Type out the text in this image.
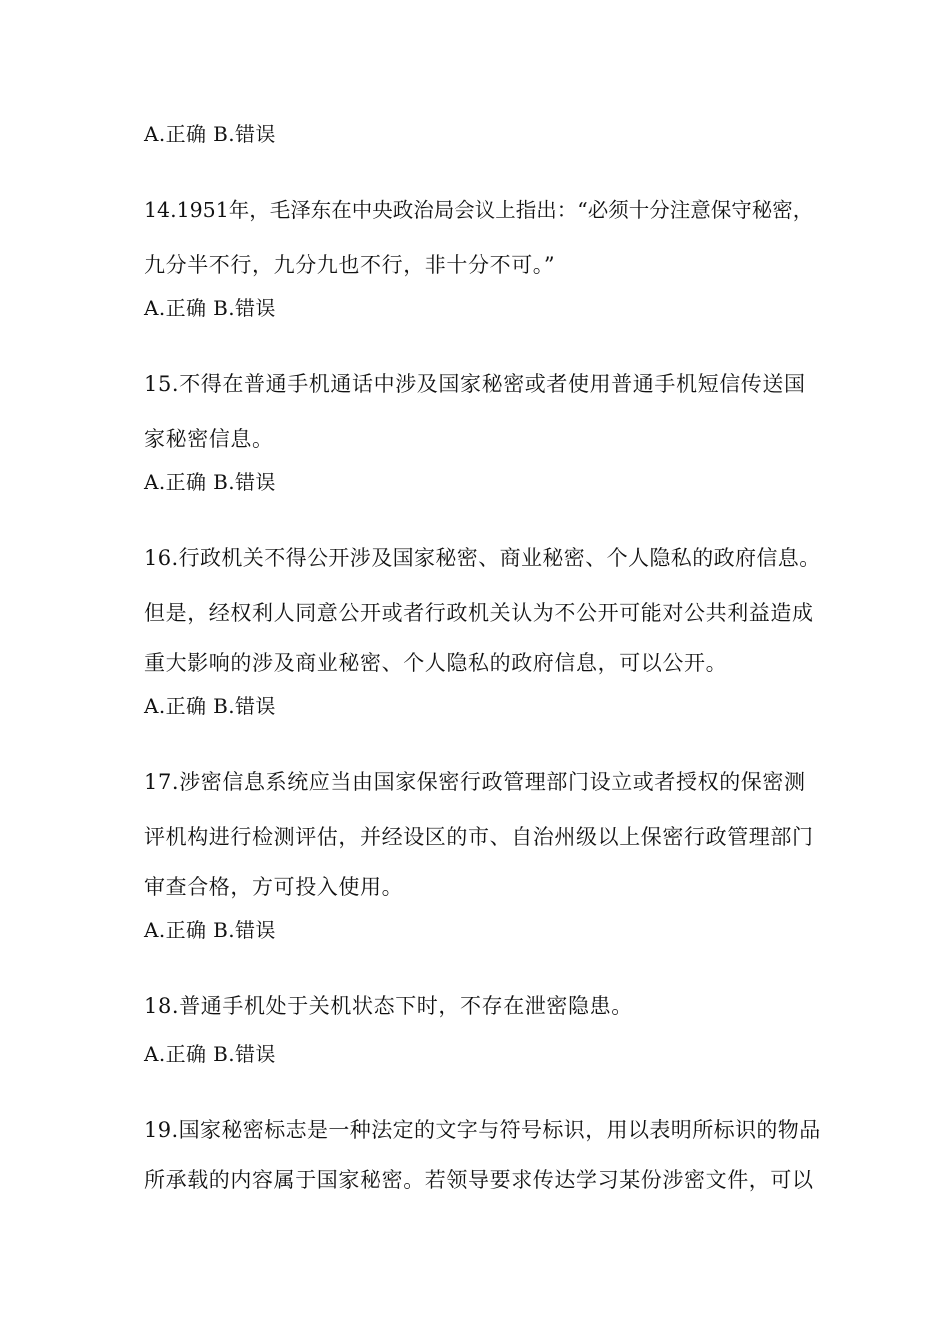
A.正确 B.错误
14.1951年，毛泽东在中央政治局会议上指出：“必须十分注意保守秘密，
九分半不行，九分九也不行，非十分不可。”
A.正确 B.错误
15.不得在普通手机通话中涉及国家秘密或者使用普通手机短信传送国
家秘密信息。
A.正确 B.错误
16.行政机关不得公开涉及国家秘密、商业秘密、个人隐私的政府信息。
但是，经权利人同意公开或者行政机关认为不公开可能对公共利益造成
重大影响的涉及商业秘密、个人隐私的政府信息，可以公开。
A.正确 B.错误
17.涉密信息系统应当由国家保密行政管理部门设立或者授权的保密测
评机构进行检测评估，并经设区的市、自治州级以上保密行政管理部门
审查合格，方可投入使用。
A.正确 B.错误
18.普通手机处于关机状态下时，不存在泄密隐患。
A.正确 B.错误
19.国家秘密标志是一种法定的文字与符号标识，用以表明所标识的物品
所承载的内容属于国家秘密。若领导要求传达学习某份涉密文件，可以
